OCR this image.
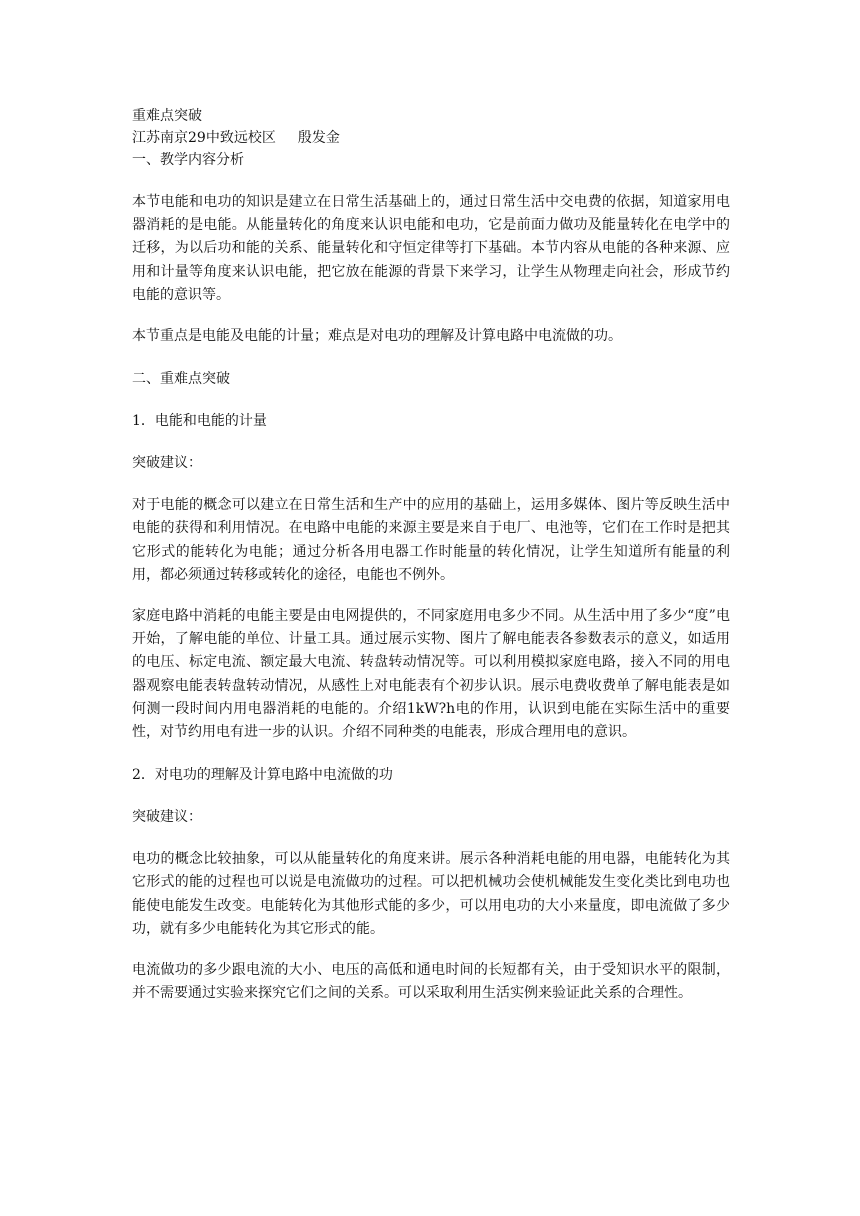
重难点突破

江苏南京29中致远校区 殷发金

一、教学内容分析

本节电能和电功的知识是建立在日常生活基础上的，通过日常生活中交电费的依据，知道家用电器消耗的是电能。从能量转化的角度来认识电能和电功，它是前面力做功及能量转化在电学中的迁移，为以后功和能的关系、能量转化和守恒定律等打下基础。本节内容从电能的各种来源、应用和计量等角度来认识电能，把它放在能源的背景下来学习，让学生从物理走向社会，形成节约电能的意识等。

本节重点是电能及电能的计量；难点是对电功的理解及计算电路中电流做的功。

二、重难点突破

1．电能和电能的计量

突破建议：

对于电能的概念可以建立在日常生活和生产中的应用的基础上，运用多媒体、图片等反映生活中电能的获得和利用情况。在电路中电能的来源主要是来自于电厂、电池等，它们在工作时是把其它形式的能转化为电能；通过分析各用电器工作时能量的转化情况，让学生知道所有能量的利用，都必须通过转移或转化的途径，电能也不例外。

家庭电路中消耗的电能主要是由电网提供的，不同家庭用电多少不同。从生活中用了多少“度”电开始，了解电能的单位、计量工具。通过展示实物、图片了解电能表各参数表示的意义，如适用的电压、标定电流、额定最大电流、转盘转动情况等。可以利用模拟家庭电路，接入不同的用电器观察电能表转盘转动情况，从感性上对电能表有个初步认识。展示电费收费单了解电能表是如何测一段时间内用电器消耗的电能的。介绍1kW?h电的作用，认识到电能在实际生活中的重要性，对节约用电有进一步的认识。介绍不同种类的电能表，形成合理用电的意识。

2．对电功的理解及计算电路中电流做的功

突破建议：

电功的概念比较抽象，可以从能量转化的角度来讲。展示各种消耗电能的用电器，电能转化为其它形式的能的过程也可以说是电流做功的过程。可以把机械功会使机械能发生变化类比到电功也能使电能发生改变。电能转化为其他形式能的多少，可以用电功的大小来量度，即电流做了多少功，就有多少电能转化为其它形式的能。

电流做功的多少跟电流的大小、电压的高低和通电时间的长短都有关，由于受知识水平的限制，并不需要通过实验来探究它们之间的关系。可以采取利用生活实例来验证此关系的合理性。
